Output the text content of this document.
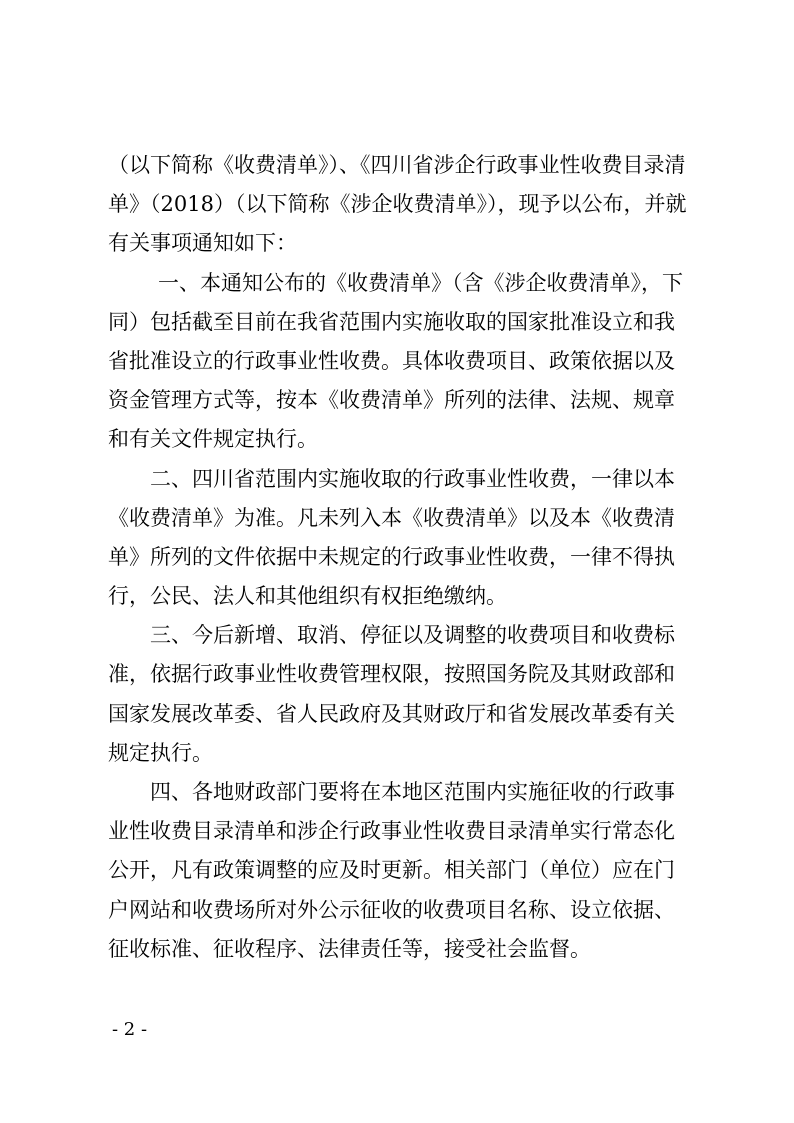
（以下简称《收费清单》）、《四川省涉企行政事业性收费目录清
单》（2018）（以下简称《涉企收费清单》），现予以公布，并就
有关事项通知如下：
一、本通知公布的《收费清单》（含《涉企收费清单》，下
同）包括截至目前在我省范围内实施收取的国家批准设立和我
省批准设立的行政事业性收费。具体收费项目、政策依据以及
资金管理方式等，按本《收费清单》所列的法律、法规、规章
和有关文件规定执行。
二、四川省范围内实施收取的行政事业性收费，一律以本
《收费清单》为准。凡未列入本《收费清单》以及本《收费清
单》所列的文件依据中未规定的行政事业性收费，一律不得执
行，公民、法人和其他组织有权拒绝缴纳。
三、今后新增、取消、停征以及调整的收费项目和收费标
准，依据行政事业性收费管理权限，按照国务院及其财政部和
国家发展改革委、省人民政府及其财政厅和省发展改革委有关
规定执行。
四、各地财政部门要将在本地区范围内实施征收的行政事
业性收费目录清单和涉企行政事业性收费目录清单实行常态化
公开，凡有政策调整的应及时更新。相关部门（单位）应在门
户网站和收费场所对外公示征收的收费项目名称、设立依据、
征收标准、征收程序、法律责任等，接受社会监督。
- 2 -
